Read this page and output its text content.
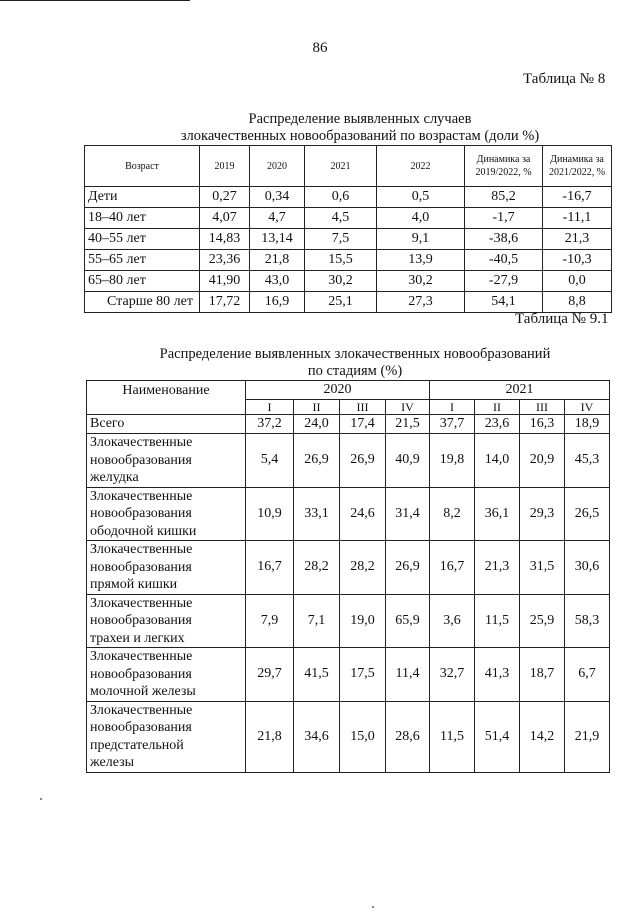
86
Таблица № 8
Распределение выявленных случаев
злокачественных новообразований по возрастам (доли %)
Возраст	2019	2020	2021	2022	Динамика за 2019/2022, %	Динамика за 2021/2022, %
Дети	0,27	0,34	0,6	0,5	85,2	-16,7
18–40 лет	4,07	4,7	4,5	4,0	-1,7	-11,1
40–55 лет	14,83	13,14	7,5	9,1	-38,6	21,3
55–65 лет	23,36	21,8	15,5	13,9	-40,5	-10,3
65–80 лет	41,90	43,0	30,2	30,2	-27,9	0,0
Старше 80 лет	17,72	16,9	25,1	27,3	54,1	8,8
Таблица № 9.1
Распределение выявленных злокачественных новообразований
по стадиям (%)
Наименование	2020				2021			
	I	II	III	IV	I	II	III	IV
Всего	37,2	24,0	17,4	21,5	37,7	23,6	16,3	18,9

Злокачественные
новообразования
желудка	5,4	26,9	26,9	40,9	19,8	14,0	20,9	45,3

Злокачественные
новообразования
ободочной кишки	10,9	33,1	24,6	31,4	8,2	36,1	29,3	26,5

Злокачественные
новообразования
прямой кишки	16,7	28,2	28,2	26,9	16,7	21,3	31,5	30,6

Злокачественные
новообразования
трахеи и легких	7,9	7,1	19,0	65,9	3,6	11,5	25,9	58,3

Злокачественные
новообразования
молочной железы	29,7	41,5	17,5	11,4	32,7	41,3	18,7	6,7

Злокачественные
новообразования
предстательной
железы	21,8	34,6	15,0	28,6	11,5	51,4	14,2	21,9
